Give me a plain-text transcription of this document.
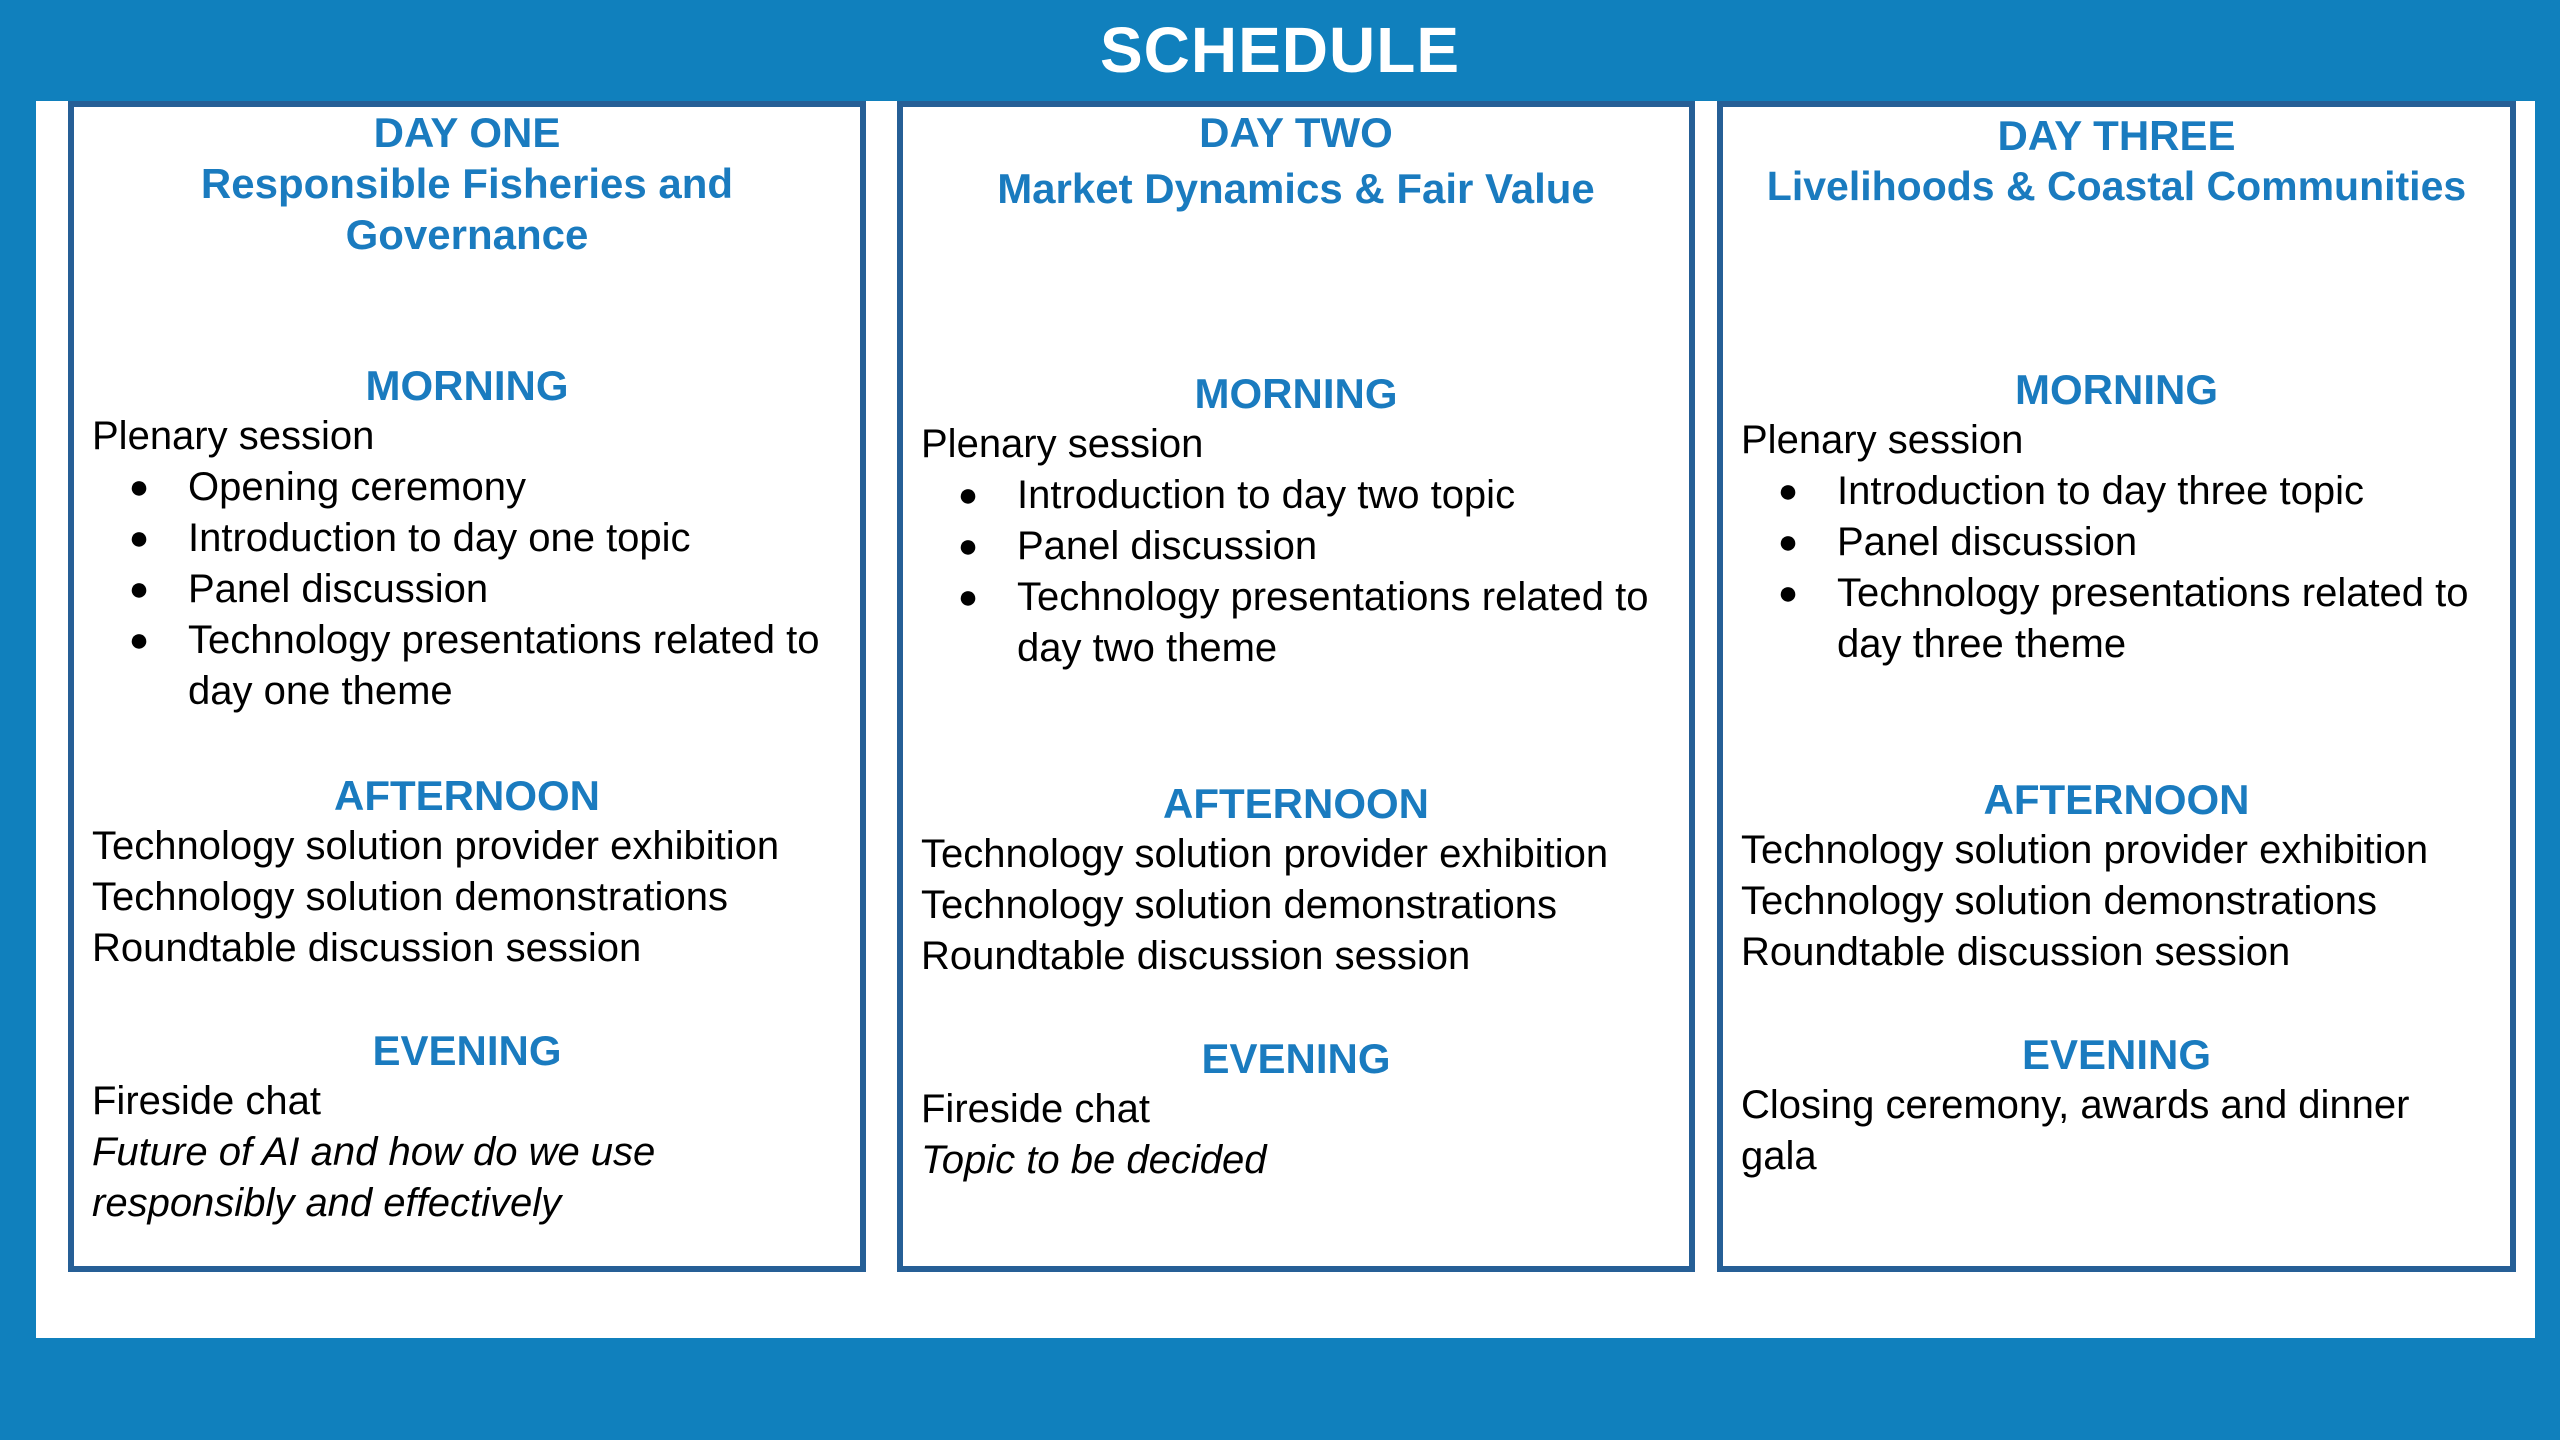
SCHEDULE
DAY ONE
Responsible Fisheries and
Governance
MORNING
Plenary session
● Opening ceremony
● Introduction to day one topic
● Panel discussion
● Technology presentations related to day one theme
AFTERNOON
Technology solution provider exhibition
Technology solution demonstrations
Roundtable discussion session
EVENING
Fireside chat
Future of AI and how do we use responsibly and effectively
DAY TWO
Market Dynamics & Fair Value
MORNING
Plenary session
● Introduction to day two topic
● Panel discussion
● Technology presentations related to day two theme
AFTERNOON
Technology solution provider exhibition
Technology solution demonstrations
Roundtable discussion session
EVENING
Fireside chat
Topic to be decided
DAY THREE
Livelihoods & Coastal Communities
MORNING
Plenary session
● Introduction to day three topic
● Panel discussion
● Technology presentations related to day three theme
AFTERNOON
Technology solution provider exhibition
Technology solution demonstrations
Roundtable discussion session
EVENING
Closing ceremony, awards and dinner gala
